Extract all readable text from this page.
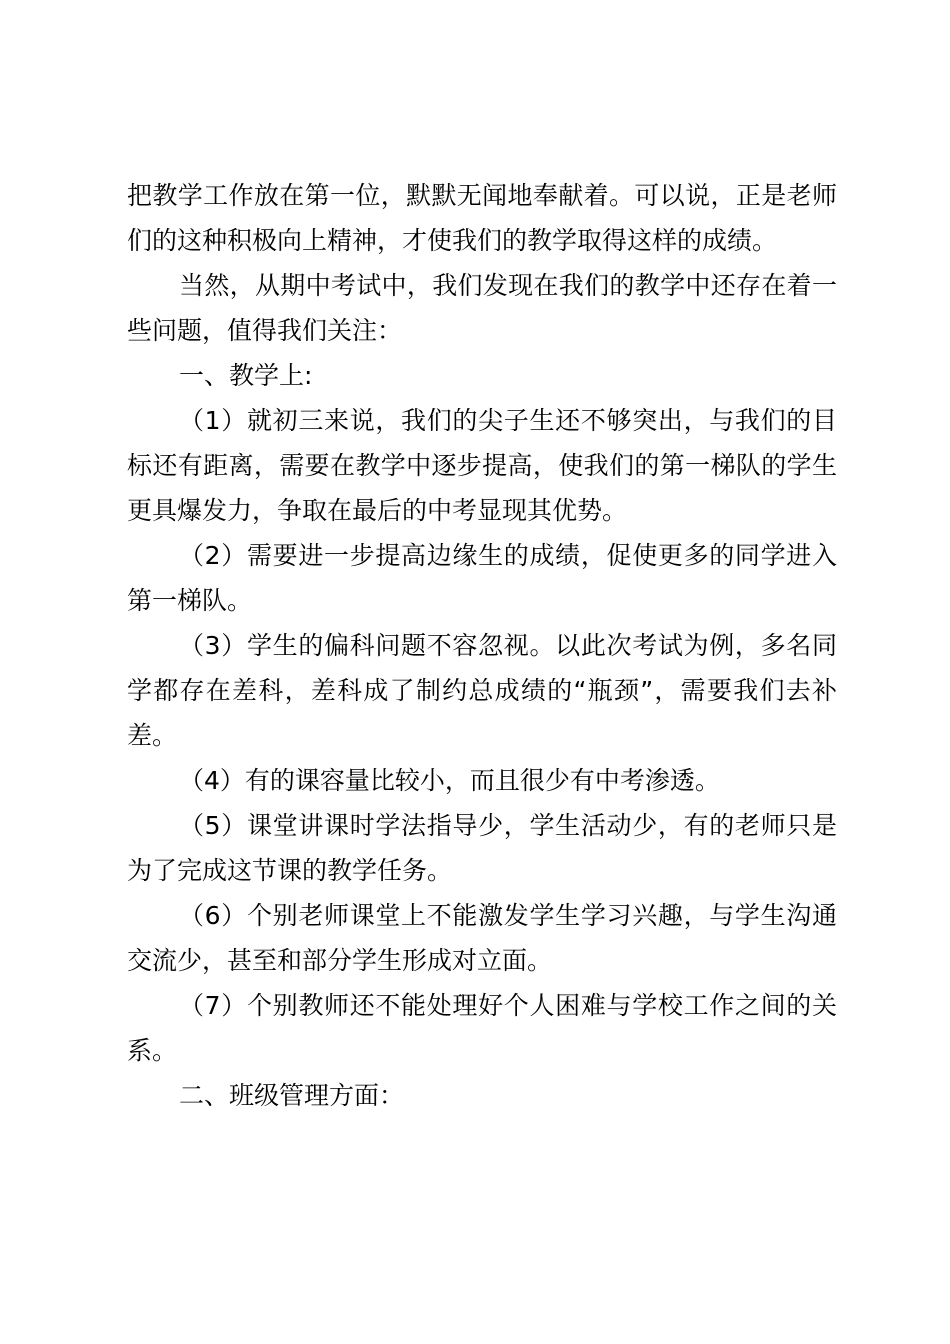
把教学工作放在第一位，默默无闻地奉献着。可以说，正是老师们的这种积极向上精神，才使我们的教学取得这样的成绩。

当然，从期中考试中，我们发现在我们的教学中还存在着一些问题，值得我们关注：

一、教学上:

（1）就初三来说，我们的尖子生还不够突出，与我们的目标还有距离，需要在教学中逐步提高，使我们的第一梯队的学生更具爆发力，争取在最后的中考显现其优势。

（2）需要进一步提高边缘生的成绩，促使更多的同学进入第一梯队。

（3）学生的偏科问题不容忽视。以此次考试为例，多名同学都存在差科，差科成了制约总成绩的“瓶颈”，需要我们去补差。

（4）有的课容量比较小，而且很少有中考渗透。

（5）课堂讲课时学法指导少，学生活动少，有的老师只是为了完成这节课的教学任务。

（6）个别老师课堂上不能激发学生学习兴趣，与学生沟通交流少，甚至和部分学生形成对立面。

（7）个别教师还不能处理好个人困难与学校工作之间的关系。

二、班级管理方面：
